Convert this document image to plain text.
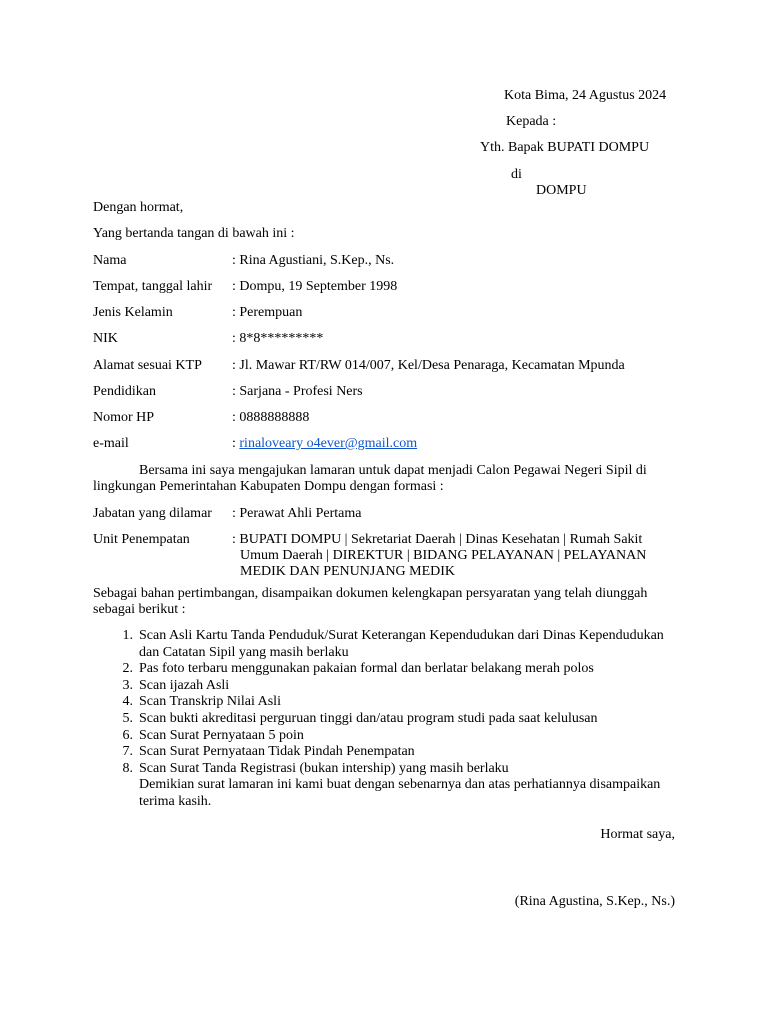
Kota Bima, 24 Agustus 2024
Kepada :
Yth. Bapak BUPATI DOMPU
di
DOMPU
Dengan hormat,
Yang bertanda tangan di bawah ini :
Nama	: Rina Agustiani, S.Kep., Ns.
Tempat, tanggal lahir : Dompu, 19 September 1998
Jenis Kelamin	: Perempuan
NIK	: 8*8*********
Alamat sesuai KTP : Jl. Mawar RT/RW 014/007, Kel/Desa Penaraga, Kecamatan Mpunda
Pendidikan	: Sarjana - Profesi Ners
Nomor HP	: 0888888888
e-mail	: rinaloveary o4ever@gmail.com
Bersama ini saya mengajukan lamaran untuk dapat menjadi Calon Pegawai Negeri Sipil di lingkungan Pemerintahan Kabupaten Dompu dengan formasi :
Jabatan yang dilamar : Perawat Ahli Pertama
Unit Penempatan	: BUPATI DOMPU | Sekretariat Daerah | Dinas Kesehatan | Rumah Sakit
Umum Daerah | DIREKTUR | BIDANG PELAYANAN | PELAYANAN MEDIK DAN PENUNJANG MEDIK
Sebagai bahan pertimbangan, disampaikan dokumen kelengkapan persyaratan yang telah diunggah sebagai berikut :
1. Scan Asli Kartu Tanda Penduduk/Surat Keterangan Kependudukan dari Dinas Kependudukan dan Catatan Sipil yang masih berlaku
2. Pas foto terbaru menggunakan pakaian formal dan berlatar belakang merah polos
3. Scan ijazah Asli
4. Scan Transkrip Nilai Asli
5. Scan bukti akreditasi perguruan tinggi dan/atau program studi pada saat kelulusan
6. Scan Surat Pernyataan 5 poin
7. Scan Surat Pernyataan Tidak Pindah Penempatan
8. Scan Surat Tanda Registrasi (bukan intership) yang masih berlaku
Demikian surat lamaran ini kami buat dengan sebenarnya dan atas perhatiannya disampaikan terima kasih.
Hormat saya,
(Rina Agustina, S.Kep., Ns.)
